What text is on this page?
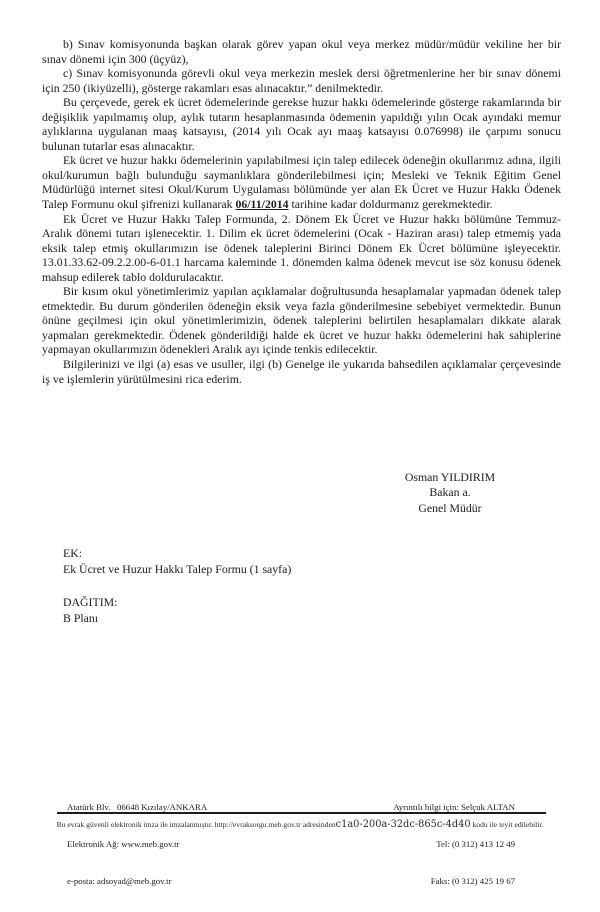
b) Sınav komisyonunda başkan olarak görev yapan okul veya merkez müdür/müdür vekiline her bir sınav dönemi için 300 (üçyüz),

c) Sınav komisyonunda görevli okul veya merkezin meslek dersi öğretmenlerine her bir sınav dönemi için 250 (ikiyüzelli), gösterge rakamları esas alınacaktır.” denilmektedir.

Bu çerçevede, gerek ek ücret ödemelerinde gerekse huzur hakkı ödemelerinde gösterge rakamlarında bir değişiklik yapılmamış olup, aylık tutarın hesaplanmasında ödemenin yapıldığı yılın Ocak ayındaki memur aylıklarına uygulanan maaş katsayısı, (2014 yılı Ocak ayı maaş katsayısı 0.076998) ile çarpımı sonucu bulunan tutarlar esas alınacaktır.

Ek ücret ve huzur hakkı ödemelerinin yapılabilmesi için talep edilecek ödeneğin okullarımız adına, ilgili okul/kurumun bağlı bulunduğu saymanlıklara gönderilebilmesi için; Mesleki ve Teknik Eğitim Genel Müdürlüğü internet sitesi Okul/Kurum Uygulaması bölümünde yer alan Ek Ücret ve Huzur Hakkı Ödenek Talep Formunu okul şifrenizi kullanarak 06/11/2014 tarihine kadar doldurmanız gerekmektedir.

Ek Ücret ve Huzur Hakkı Talep Formunda, 2. Dönem Ek Ücret ve Huzur hakkı bölümüne Temmuz-Aralık dönemi tutarı işlenecektir. 1. Dilim ek ücret ödemelerini (Ocak - Haziran arası) talep etmemiş yada eksik talep etmiş okullarımızın ise ödenek taleplerini Birinci Dönem Ek Ücret bölümüne işleyecektir. 13.01.33.62-09.2.2.00-6-01.1 harcama kaleminde 1. dönemden kalma ödenek mevcut ise söz konusu ödenek mahsup edilerek tablo doldurulacaktır.

Bir kısım okul yönetimlerimiz yapılan açıklamalar doğrultusunda hesaplamalar yapmadan ödenek talep etmektedir. Bu durum gönderilen ödeneğin eksik veya fazla gönderilmesine sebebiyet vermektedir. Bunun önüne geçilmesi için okul yönetimlerimizin, ödenek taleplerini belirtilen hesaplamaları dikkate alarak yapmaları gerekmektedir. Ödenek gönderildiği halde ek ücret ve huzur hakkı ödemelerini hak sahiplerine yapmayan okullarımızın ödenekleri Aralık ayı içinde tenkis edilecektir.

Bilgilerinizi ve ilgi (a) esas ve usuller, ilgi (b) Genelge ile yukarıda bahsedilen açıklamalar çerçevesinde iş ve işlemlerin yürütülmesini rica ederim.

Osman YILDIRIM
Bakan a.
Genel Müdür
EK:
Ek Ücret ve Huzur Hakkı Talep Formu (1 sayfa)
DAĞITIM:
B Planı

Atatürk Blv.   06648 Kızılay/ANKARA

Elektronik Ağ: www.meb.gov.tr

e-posta: adsoyad@meb.gov.tr

Ayrıntılı bilgi için: Selçuk ALTAN

Tel: (0 312) 413 12 49

Faks: (0 312) 425 19 67

Bu evrak güvenli elektronik imza ile imzalanmıştır. http://evraksorgu.meb.gov.tr adresindenc1a0-200a-32dc-865c-4d40 kodu ile teyit edilebilir.
